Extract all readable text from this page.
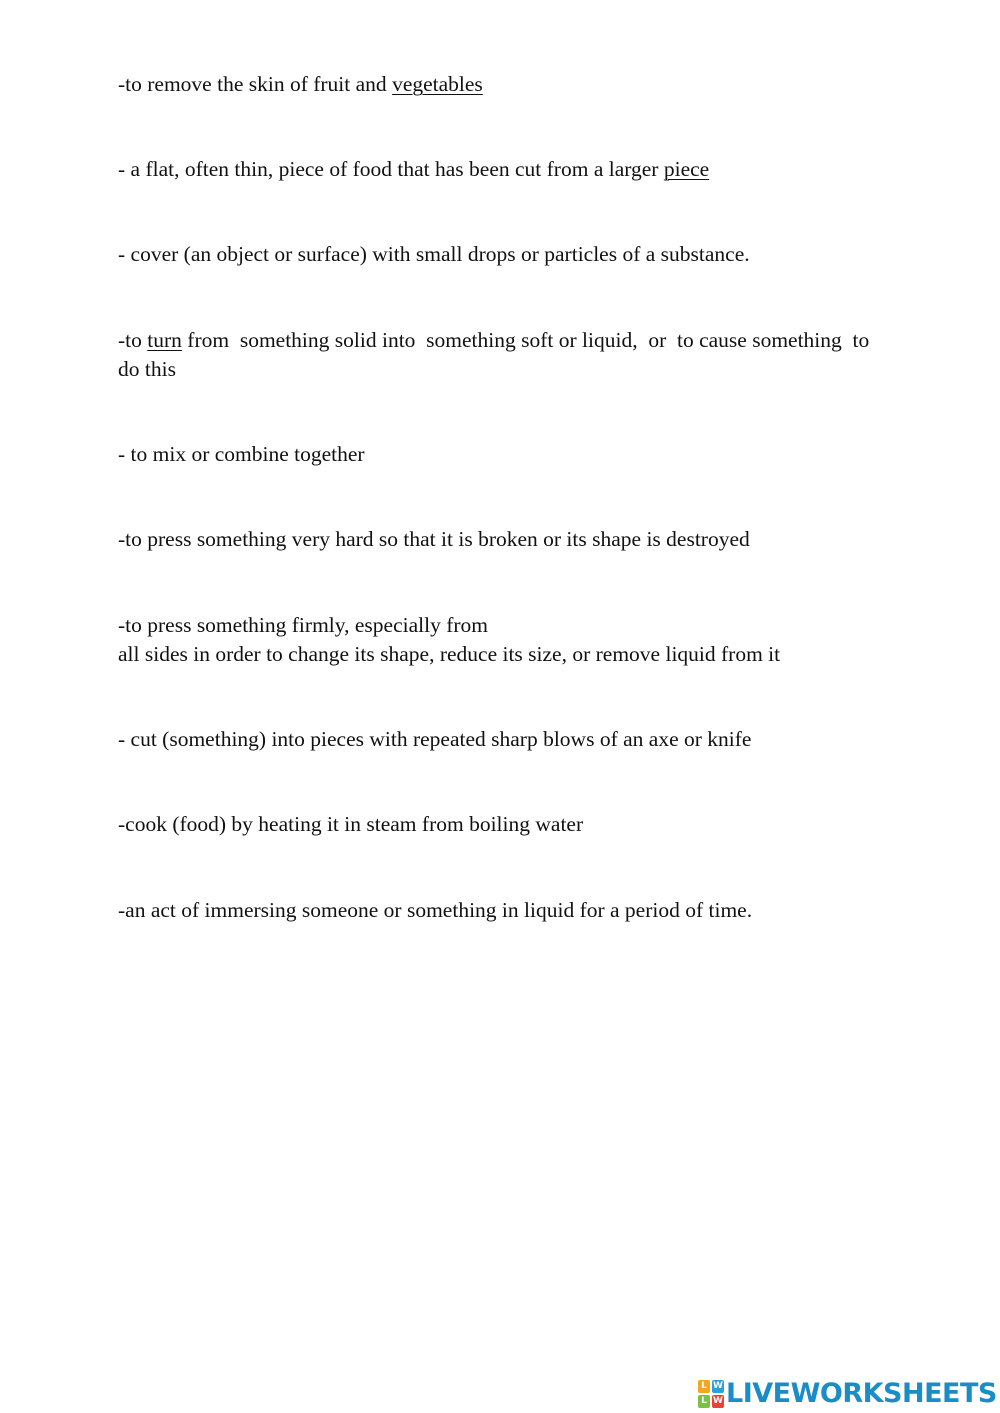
-to remove the skin of fruit and vegetables

- a flat, often thin, piece of food that has been cut from a larger piece

- cover (an object or surface) with small drops or particles of a substance.

-to turn from  something solid into  something soft or liquid,  or  to cause something  to
do this

- to mix or combine together

-to press something very hard so that it is broken or its shape is destroyed

-to press something firmly, especially from
all sides in order to change its shape, reduce its size, or remove liquid from it

- cut (something) into pieces with repeated sharp blows of an axe or knife

-cook (food) by heating it in steam from boiling water

-an act of immersing someone or something in liquid for a period of time.

L W
L W LIVEWORKSHEETS
